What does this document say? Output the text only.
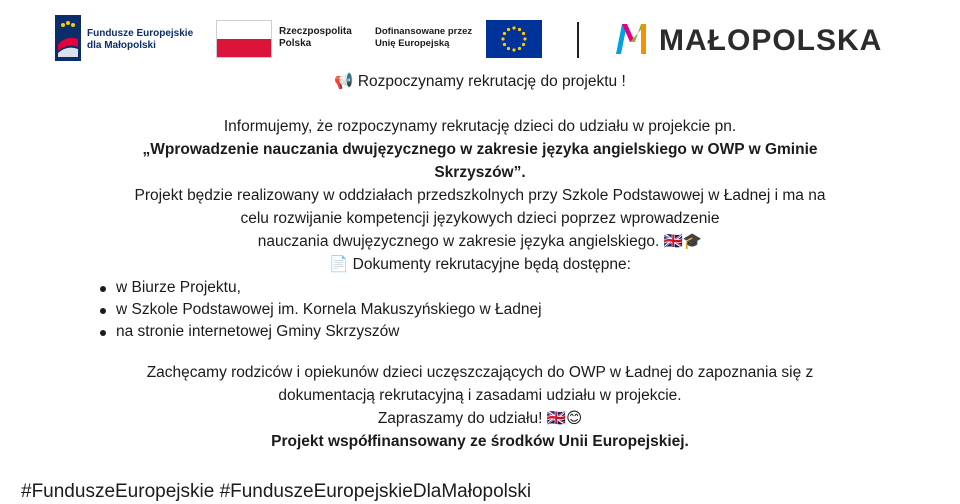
Fundusze Europejskie
dla Małopolski
Rzeczpospolita
Polska
Dofinansowane przez
Unię Europejską	MAŁOPOLSKA
📢 Rozpoczynamy rekrutację do projektu !
Informujemy, że rozpoczynamy rekrutację dzieci do udziału w projekcie pn.
„Wprowadzenie nauczania dwujęzycznego w zakresie języka angielskiego w OWP w Gminie
Skrzyszów”.
Projekt będzie realizowany w oddziałach przedszkolnych przy Szkole Podstawowej w Ładnej i ma na
celu rozwijanie kompetencji językowych dzieci poprzez wprowadzenie
nauczania dwujęzycznego w zakresie języka angielskiego. 🇬🇧🎓
📄 Dokumenty rekrutacyjne będą dostępne:
w Biurze Projektu,
w Szkole Podstawowej im. Kornela Makuszyńskiego w Ładnej
na stronie internetowej Gminy Skrzyszów
Zachęcamy rodziców i opiekunów dzieci uczęszczających do OWP w Ładnej do zapoznania się z
dokumentacją rekrutacyjną i zasadami udziału w projekcie.
Zapraszamy do udziału! 🇬🇧😊
Projekt współfinansowany ze środków Unii Europejskiej.
#FunduszeEuropejskie #FunduszeEuropejskieDlaMałopolski
